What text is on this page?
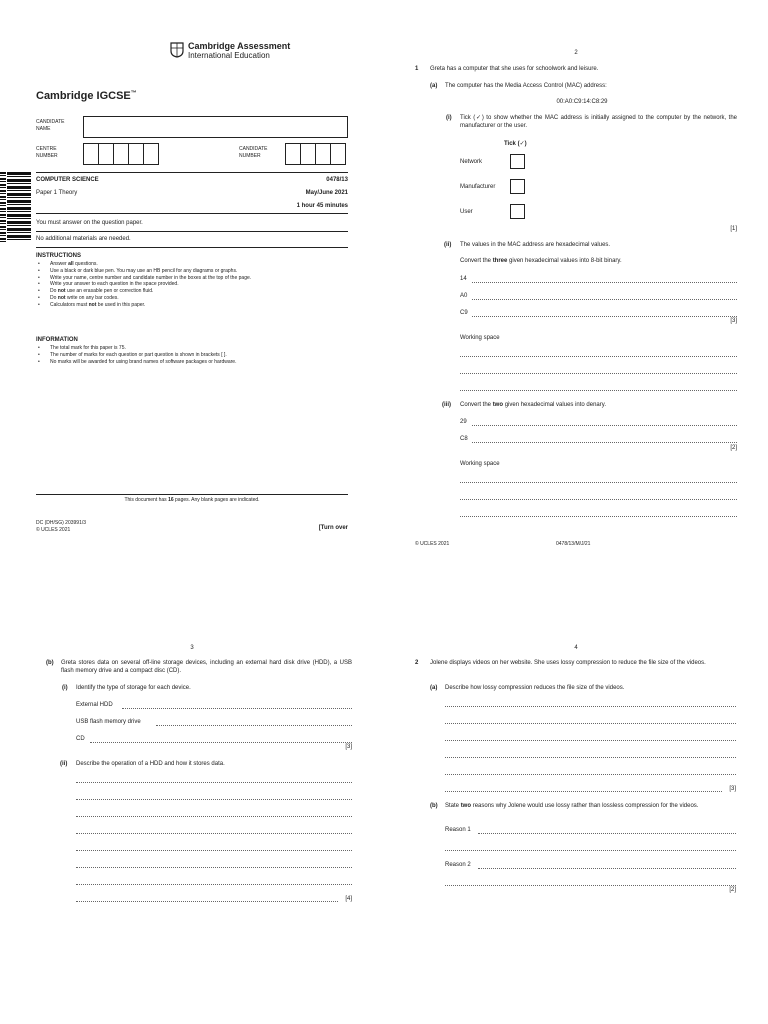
Cambridge Assessment
International Education
Cambridge IGCSE™
CANDIDATE
NAME
CENTRE
NUMBER
CANDIDATE
NUMBER
COMPUTER SCIENCE	0478/13
Paper 1 Theory	May/June 2021
1 hour 45 minutes
You must answer on the question paper.
No additional materials are needed.
INSTRUCTIONS
• Answer all questions.
• Use a black or dark blue pen. You may use an HB pencil for any diagrams or graphs.
• Write your name, centre number and candidate number in the boxes at the top of the page.
• Write your answer to each question in the space provided.
• Do not use an erasable pen or correction fluid.
• Do not write on any bar codes.
• Calculators must not be used in this paper.
INFORMATION
• The total mark for this paper is 75.
• The number of marks for each question or part question is shown in brackets [ ].
• No marks will be awarded for using brand names of software packages or hardware.
This document has 16 pages. Any blank pages are indicated.
DC (DH/SG) 203991/3
© UCLES 2021	[Turn over
2
1 Greta has a computer that she uses for schoolwork and leisure.
(a) The computer has the Media Access Control (MAC) address:
00:A0:C9:14:C8:29
(i) Tick (✓) to show whether the MAC address is initially assigned to the computer by the network, the manufacturer or the user.
Tick (✓)
Network
Manufacturer
User
[1]
(ii) The values in the MAC address are hexadecimal values.
Convert the three given hexadecimal values into 8-bit binary.
14
A0
C9
[3]
Working space
(iii) Convert the two given hexadecimal values into denary.
29
C8
[2]
Working space
© UCLES 2021	0478/13/M/J/21
3
(b) Greta stores data on several off-line storage devices, including an external hard disk drive (HDD), a USB flash memory drive and a compact disc (CD).
(i) Identify the type of storage for each device.
External HDD
USB flash memory drive
CD
[3]
(ii) Describe the operation of a HDD and how it stores data.
[4]
4
2 Jolene displays videos on her website. She uses lossy compression to reduce the file size of the videos.
(a) Describe how lossy compression reduces the file size of the videos.
[3]
(b) State two reasons why Jolene would use lossy rather than lossless compression for the videos.
Reason 1
Reason 2
[2]
